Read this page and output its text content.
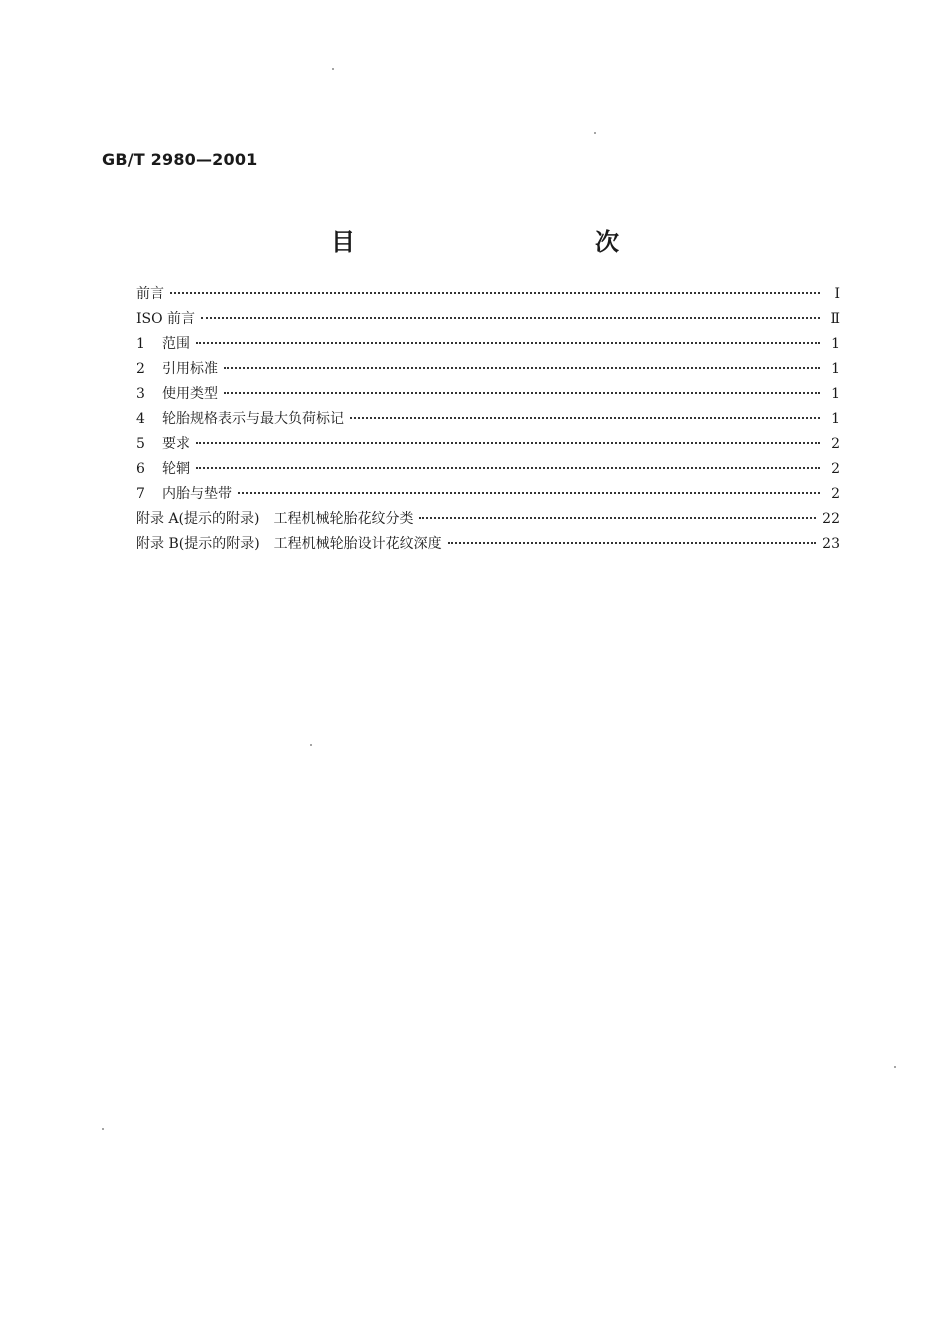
GB/T 2980—2001
目　　次
前言	I
ISO 前言	Ⅱ
1	范围	1
2	引用标准	1
3	使用类型	1
4	轮胎规格表示与最大负荷标记	1
5	要求	2
6	轮辋	2
7	内胎与垫带	2
附录 A(提示的附录)　工程机械轮胎花纹分类	22
附录 B(提示的附录)　工程机械轮胎设计花纹深度	23
